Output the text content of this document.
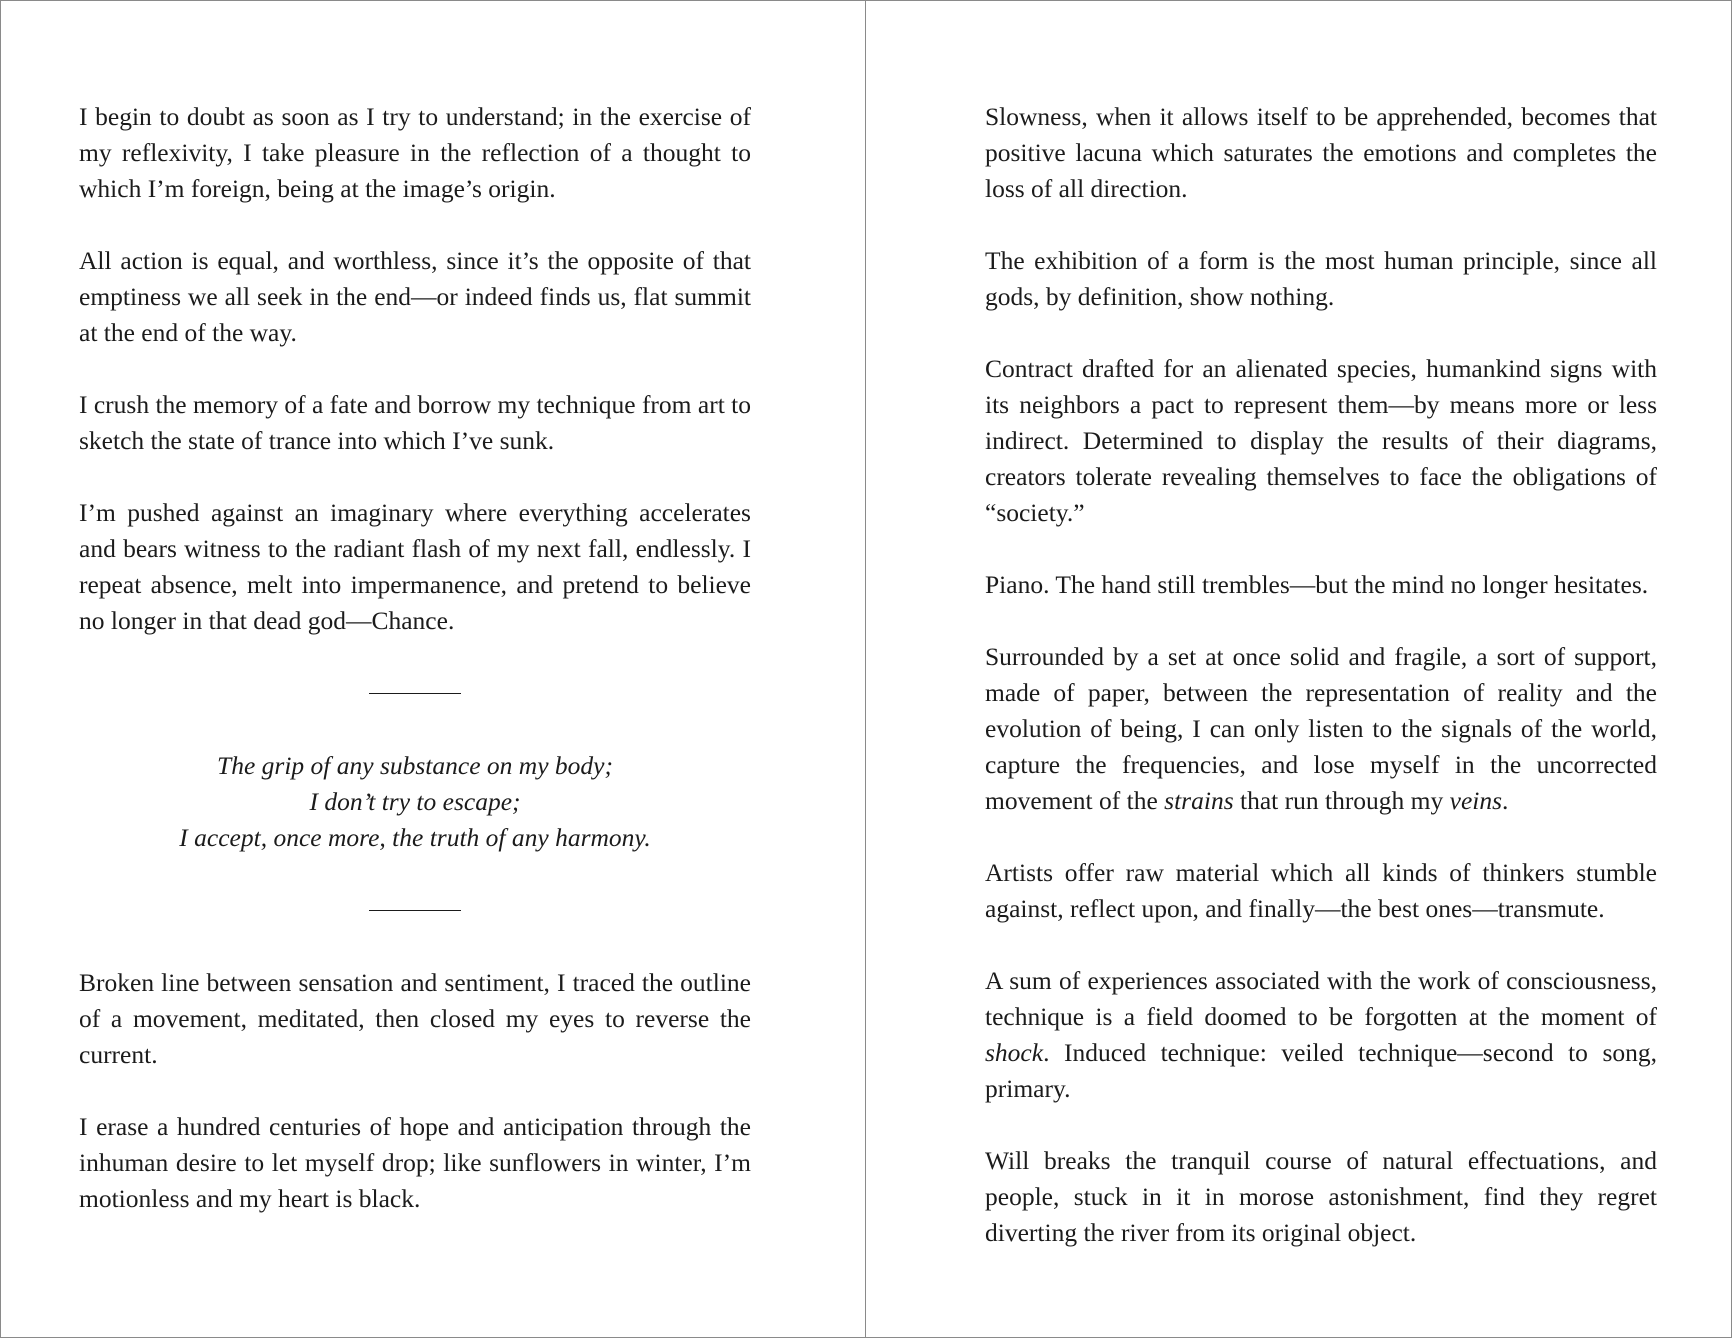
I begin to doubt as soon as I try to understand; in the exercise of my reflexivity, I take pleasure in the reflection of a thought to which I’m foreign, being at the image’s origin.

All action is equal, and worthless, since it’s the opposite of that emptiness we all seek in the end—or indeed finds us, flat summit at the end of the way.

I crush the memory of a fate and borrow my technique from art to sketch the state of trance into which I’ve sunk.

I’m pushed against an imaginary where everything accelerates and bears witness to the radiant flash of my next fall, endlessly. I repeat absence, melt into impermanence, and pretend to believe no longer in that dead god—Chance.

The grip of any substance on my body;
I don’t try to escape;
I accept, once more, the truth of any harmony.

Broken line between sensation and sentiment, I traced the outline of a movement, meditated, then closed my eyes to reverse the current.

I erase a hundred centuries of hope and anticipation through the inhuman desire to let myself drop; like sunflowers in winter, I’m motionless and my heart is black.

Slowness, when it allows itself to be apprehended, becomes that positive lacuna which saturates the emotions and completes the loss of all direction.

The exhibition of a form is the most human principle, since all gods, by definition, show nothing.

Contract drafted for an alienated species, humankind signs with its neighbors a pact to represent them—by means more or less indirect. Determined to display the results of their diagrams, creators tolerate revealing themselves to face the obligations of “society.”

Piano. The hand still trembles—but the mind no longer hesitates.

Surrounded by a set at once solid and fragile, a sort of support, made of paper, between the representation of reality and the evolution of being, I can only listen to the signals of the world, capture the frequencies, and lose myself in the uncorrected movement of the strains that run through my veins.

Artists offer raw material which all kinds of thinkers stumble against, reflect upon, and finally—the best ones—transmute.

A sum of experiences associated with the work of consciousness, technique is a field doomed to be forgotten at the moment of shock. Induced technique: veiled technique—second to song, primary.

Will breaks the tranquil course of natural effectuations, and people, stuck in it in morose astonishment, find they regret diverting the river from its original object.
